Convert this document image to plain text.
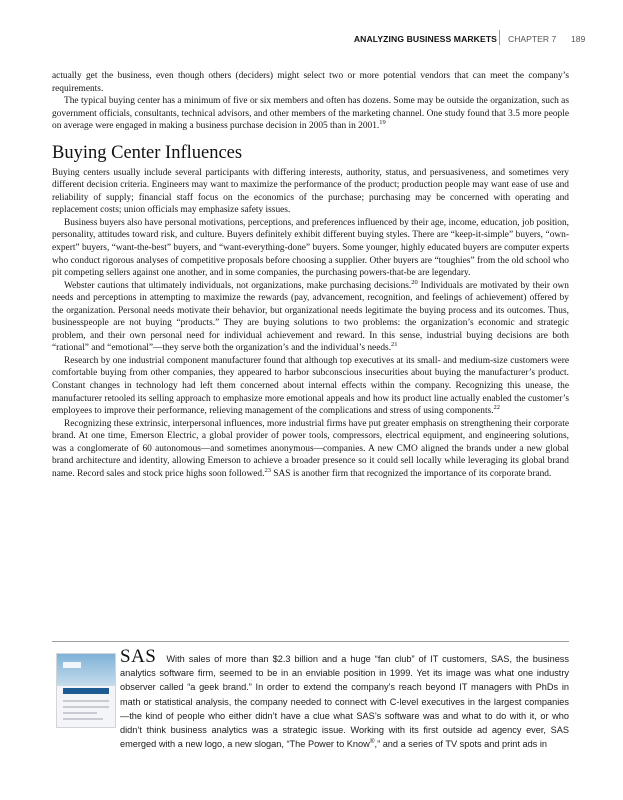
ANALYZING BUSINESS MARKETS CHAPTER 7 189

actually get the business, even though others (deciders) might select two or more potential vendors that can meet the company’s requirements.

The typical buying center has a minimum of five or six members and often has dozens. Some may be outside the organization, such as government officials, consultants, technical advisors, and other members of the marketing channel. One study found that 3.5 more people on average were engaged in making a business purchase decision in 2005 than in 2001.19

Buying Center Influences

Buying centers usually include several participants with differing interests, authority, status, and persuasiveness, and sometimes very different decision criteria. Engineers may want to maximize the performance of the product; production people may want ease of use and reliability of supply; financial staff focus on the economics of the purchase; purchasing may be concerned with operating and replacement costs; union officials may emphasize safety issues.

Business buyers also have personal motivations, perceptions, and preferences influenced by their age, income, education, job position, personality, attitudes toward risk, and culture. Buyers definitely exhibit different buying styles. There are “keep-it-simple” buyers, “own-expert” buyers, “want-the-best” buyers, and “want-everything-done” buyers. Some younger, highly educated buyers are computer experts who conduct rigorous analyses of competitive proposals before choosing a supplier. Other buyers are “toughies” from the old school who pit competing sellers against one another, and in some companies, the purchasing powers-that-be are legendary.

Webster cautions that ultimately individuals, not organizations, make purchasing decisions.$^{20}$ Individuals are motivated by their own needs and perceptions in attempting to maximize the rewards (pay, advancement, recognition, and feelings of achievement) offered by the organization. Personal needs motivate their behavior, but organizational needs legitimate the buying process and its outcomes. Thus, businesspeople are not buying “products.” They are buying solutions to two problems: the organization’s economic and strategic problem, and their own personal need for individual achievement and reward. In this sense, industrial buying decisions are both “rational” and “emotional”—they serve both the organization’s and the individual’s needs.$^{21}$

Research by one industrial component manufacturer found that although top executives at its small- and medium-size customers were comfortable buying from other companies, they appeared to harbor subconscious insecurities about buying the manufacturer’s product. Constant changes in technology had left them concerned about internal effects within the company. Recognizing this unease, the manufacturer retooled its selling approach to emphasize more emotional appeals and how its product line actually enabled the customer’s employees to improve their performance, relieving management of the complications and stress of using components.$^{22}$

Recognizing these extrinsic, interpersonal influences, more industrial firms have put greater emphasis on strengthening their corporate brand. At one time, Emerson Electric, a global provider of power tools, compressors, electrical equipment, and engineering solutions, was a conglomerate of 60 autonomous—and sometimes anonymous—companies. A new CMO aligned the brands under a new global brand architecture and identity, allowing Emerson to achieve a broader presence so it could sell locally while leveraging its global brand name. Record sales and stock price highs soon followed.$^{23}$ SAS is another firm that recognized the importance of its corporate brand.

SAS With sales of more than $2.3 billion and a huge “fan club” of IT customers, SAS, the business analytics software firm, seemed to be in an enviable position in 1999. Yet its image was what one industry observer called “a geek brand.” In order to extend the company’s reach beyond IT managers with PhDs in math or statistical analysis, the company needed to connect with C-level executives in the largest companies—the kind of people who either didn’t have a clue what SAS’s software was and what to do with it, or who didn’t think business analytics was a strategic issue. Working with its first outside ad agency ever, SAS emerged with a new logo, a new slogan, “The Power to Know®,” and a series of TV spots and print ads in
